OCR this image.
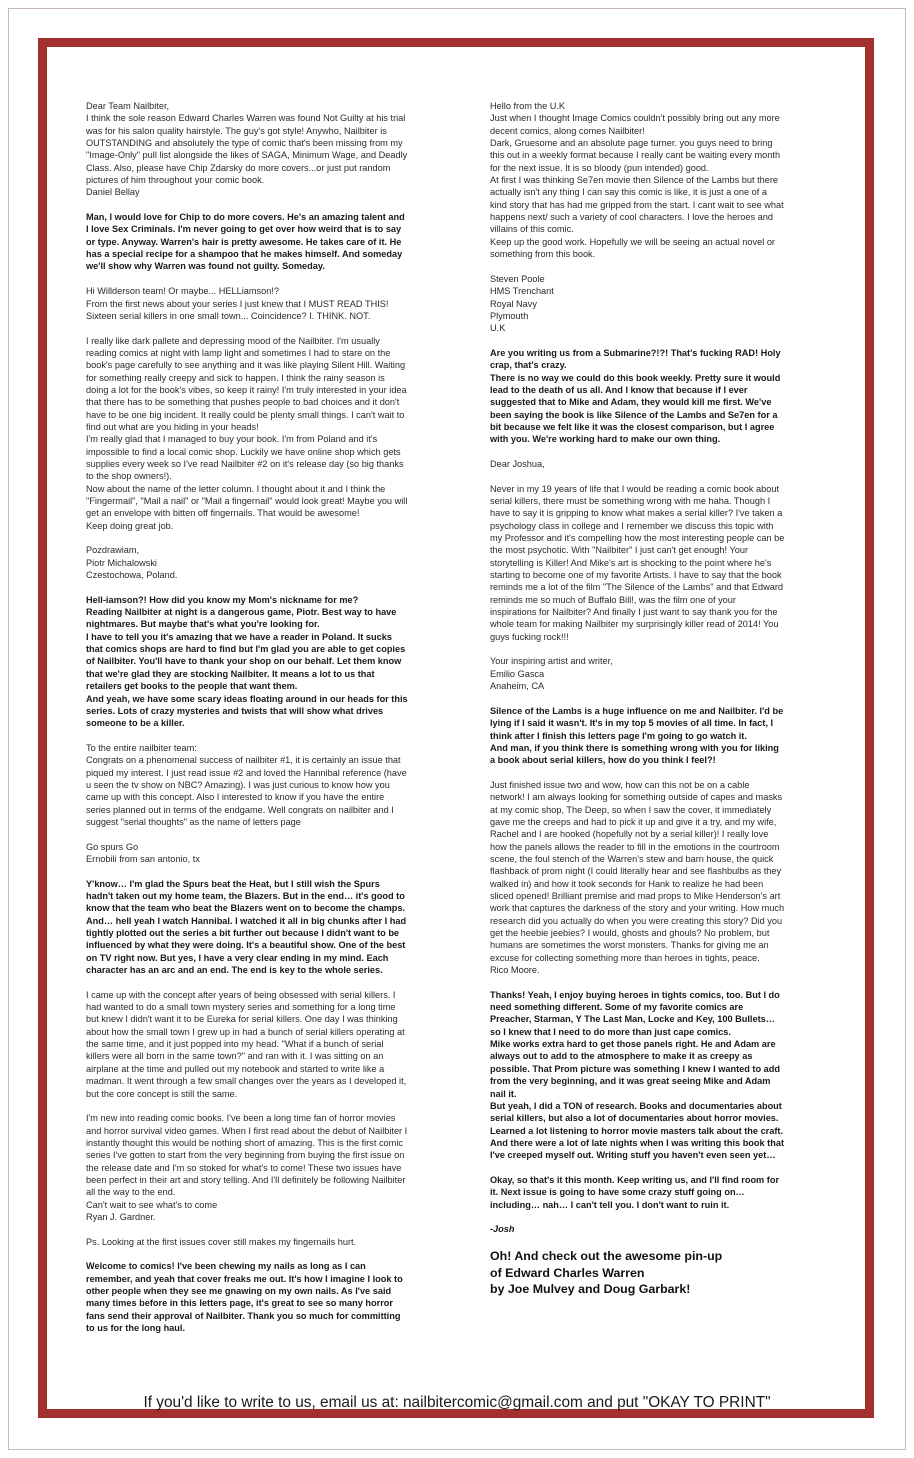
Dear Team Nailbiter,
I think the sole reason Edward Charles Warren was found Not Guilty at his trial
was for his salon quality hairstyle. The guy's got style! Anywho, Nailbiter is
OUTSTANDING and absolutely the type of comic that's been missing from my
"Image-Only" pull list alongside the likes of SAGA, Minimum Wage, and Deadly
Class. Also, please have Chip Zdarsky do more covers...or just put random
pictures of him throughout your comic book.
Daniel Bellay
Man, I would love for Chip to do more covers. He's an amazing talent and
I love Sex Criminals. I'm never going to get over how weird that is to say
or type. Anyway. Warren's hair is pretty awesome. He takes care of it. He
has a special recipe for a shampoo that he makes himself. And someday
we'll show why Warren was found not guilty. Someday.
Hi Willderson team! Or maybe... HELLiamson!?
From the first news about your series I just knew that I MUST READ THIS!
Sixteen serial killers in one small town... Coincidence? I. THINK. NOT.
I really like dark pallete and depressing mood of the Nailbiter. I'm usually
reading comics at night with lamp light and sometimes I had to stare on the
book's page carefully to see anything and it was like playing Silent Hill. Waiting
for something really creepy and sick to happen. I think the rainy season is
doing a lot for the book's vibes, so keep it rainy! I'm truly interested in your idea
that there has to be something that pushes people to bad choices and it don't
have to be one big incident. It really could be plenty small things. I can't wait to
find out what are you hiding in your heads!
I'm really glad that I managed to buy your book. I'm from Poland and it's
impossible to find a local comic shop. Luckily we have online shop which gets
supplies every week so I've read Nailbiter #2 on it's release day (so big thanks
to the shop owners!).
Now about the name of the letter column. I thought about it and I think the
"Fingermail", "Mail a nail" or "Mail a fingernail" would look great! Maybe you will
get an envelope with bitten off fingernails. That would be awesome!
Keep doing great job.
Pozdrawiam,
Piotr Michalowski
Czestochowa, Poland.
Hell-iamson?! How did you know my Mom's nickname for me?
Reading Nailbiter at night is a dangerous game, Piotr. Best way to have
nightmares. But maybe that's what you're looking for.
I have to tell you it's amazing that we have a reader in Poland. It sucks
that comics shops are hard to find but I'm glad you are able to get copies
of Nailbiter. You'll have to thank your shop on our behalf. Let them know
that we're glad they are stocking Nailbiter. It means a lot to us that
retailers get books to the people that want them.
And yeah, we have some scary ideas floating around in our heads for this
series. Lots of crazy mysteries and twists that will show what drives
someone to be a killer.
To the entire nailbiter team:
Congrats on a phenomenal success of nailbiter #1, it is certainly an issue that
piqued my interest. I just read issue #2 and loved the Hannibal reference (have
u seen the tv show on NBC? Amazing). I was just curious to know how you
came up with this concept. Also I interested to know if you have the entire
series planned out in terms of the endgame. Well congrats on nailbiter and I
suggest "serial thoughts" as the name of letters page
Go spurs Go
Ernobili from san antonio, tx
Y'know… I'm glad the Spurs beat the Heat, but I still wish the Spurs
hadn't taken out my home team, the Blazers. But in the end… it's good to
know that the team who beat the Blazers went on to become the champs.
And… hell yeah I watch Hannibal. I watched it all in big chunks after I had
tightly plotted out the series a bit further out because I didn't want to be
influenced by what they were doing. It's a beautiful show. One of the best
on TV right now. But yes, I have a very clear ending in my mind. Each
character has an arc and an end. The end is key to the whole series.
I came up with the concept after years of being obsessed with serial killers. I
had wanted to do a small town mystery series and something for a long time
but knew I didn't want it to be Eureka for serial killers. One day I was thinking
about how the small town I grew up in had a bunch of serial killers operating at
the same time, and it just popped into my head. "What if a bunch of serial
killers were all born in the same town?" and ran with it. I was sitting on an
airplane at the time and pulled out my notebook and started to write like a
madman. It went through a few small changes over the years as I developed it,
but the core concept is still the same.
I'm new into reading comic books. I've been a long time fan of horror movies
and horror survival video games. When I first read about the debut of Nailbiter I
instantly thought this would be nothing short of amazing. This is the first comic
series I've gotten to start from the very beginning from buying the first issue on
the release date and I'm so stoked for what's to come! These two issues have
been perfect in their art and story telling. And I'll definitely be following Nailbiter
all the way to the end.
Can't wait to see what's to come
Ryan J. Gardner.
Ps. Looking at the first issues cover still makes my fingernails hurt.
Welcome to comics! I've been chewing my nails as long as I can
remember, and yeah that cover freaks me out. It's how I imagine I look to
other people when they see me gnawing on my own nails. As I've said
many times before in this letters page, it's great to see so many horror
fans send their approval of Nailbiter. Thank you so much for committing
to us for the long haul.
Hello from the U.K
Just when I thought Image Comics couldn't possibly bring out any more
decent comics, along comes Nailbiter!
Dark, Gruesome and an absolute page turner. you guys need to bring
this out in a weekly format because I really cant be waiting every month
for the next issue. It is so bloody (pun intended) good.
At first I was thinking Se7en movie then Silence of the Lambs but there
actually isn't any thing I can say this comic is like, it is just a one of a
kind story that has had me gripped from the start. I cant wait to see what
happens next/ such a variety of cool characters. I love the heroes and
villains of this comic.
Keep up the good work. Hopefully we will be seeing an actual novel or
something from this book.
Steven Poole
HMS Trenchant
Royal Navy
Plymouth
U.K
Are you writing us from a Submarine?!?! That's fucking RAD! Holy
crap, that's crazy.
There is no way we could do this book weekly. Pretty sure it would
lead to the death of us all. And I know that because if I ever
suggested that to Mike and Adam, they would kill me first. We've
been saying the book is like Silence of the Lambs and Se7en for a
bit because we felt like it was the closest comparison, but I agree
with you. We're working hard to make our own thing.
Dear Joshua,
Never in my 19 years of life that I would be reading a comic book about
serial killers, there must be something wrong with me haha. Though I
have to say it is gripping to know what makes a serial killer? I've taken a
psychology class in college and I remember we discuss this topic with
my Professor and it's compelling how the most interesting people can be
the most psychotic. With "Nailbiter" I just can't get enough! Your
storytelling is Killer! And Mike's art is shocking to the point where he's
starting to become one of my favorite Artists. I have to say that the book
reminds me a lot of the film "The Silence of the Lambs" and that Edward
reminds me so much of Buffalo Bill!, was the film one of your
inspirations for Nailbiter? And finally I just want to say thank you for the
whole team for making Nailbiter my surprisingly killer read of 2014! You
guys fucking rock!!!
Your inspiring artist and writer,
Emilio Gasca
Anaheim, CA
Silence of the Lambs is a huge influence on me and Nailbiter. I'd be
lying if I said it wasn't. It's in my top 5 movies of all time. In fact, I
think after I finish this letters page I'm going to go watch it.
And man, if you think there is something wrong with you for liking
a book about serial killers, how do you think I feel?!
Just finished issue two and wow, how can this not be on a cable
network! I am always looking for something outside of capes and masks
at my comic shop, The Deep, so when I saw the cover, it immediately
gave me the creeps and had to pick it up and give it a try, and my wife,
Rachel and I are hooked (hopefully not by a serial killer)! I really love
how the panels allows the reader to fill in the emotions in the courtroom
scene, the foul stench of the Warren's stew and barn house, the quick
flashback of prom night (I could literally hear and see flashbulbs as they
walked in) and how it took seconds for Hank to realize he had been
sliced opened! Brilliant premise and mad props to Mike Henderson's art
work that captures the darkness of the story and your writing. How much
research did you actually do when you were creating this story? Did you
get the heebie jeebies? I would, ghosts and ghouls? No problem, but
humans are sometimes the worst monsters. Thanks for giving me an
excuse for collecting something more than heroes in tights, peace.
Rico Moore.
Thanks! Yeah, I enjoy buying heroes in tights comics, too. But I do
need something different. Some of my favorite comics are
Preacher, Starman, Y The Last Man, Locke and Key, 100 Bullets…
so I knew that I need to do more than just cape comics.
Mike works extra hard to get those panels right. He and Adam are
always out to add to the atmosphere to make it as creepy as
possible. That Prom picture was something I knew I wanted to add
from the very beginning, and it was great seeing Mike and Adam
nail it.
But yeah, I did a TON of research. Books and documentaries about
serial killers, but also a lot of documentaries about horror movies.
Learned a lot listening to horror movie masters talk about the craft.
And there were a lot of late nights when I was writing this book that
I've creeped myself out. Writing stuff you haven't even seen yet…
Okay, so that's it this month. Keep writing us, and I'll find room for
it. Next issue is going to have some crazy stuff going on…
including… nah… I can't tell you. I don't want to ruin it.
-Josh
Oh! And check out the awesome pin-up
of Edward Charles Warren
by Joe Mulvey and Doug Garbark!
If you'd like to write to us, email us at: nailbitercomic@gmail.com and put "OKAY TO PRINT"
